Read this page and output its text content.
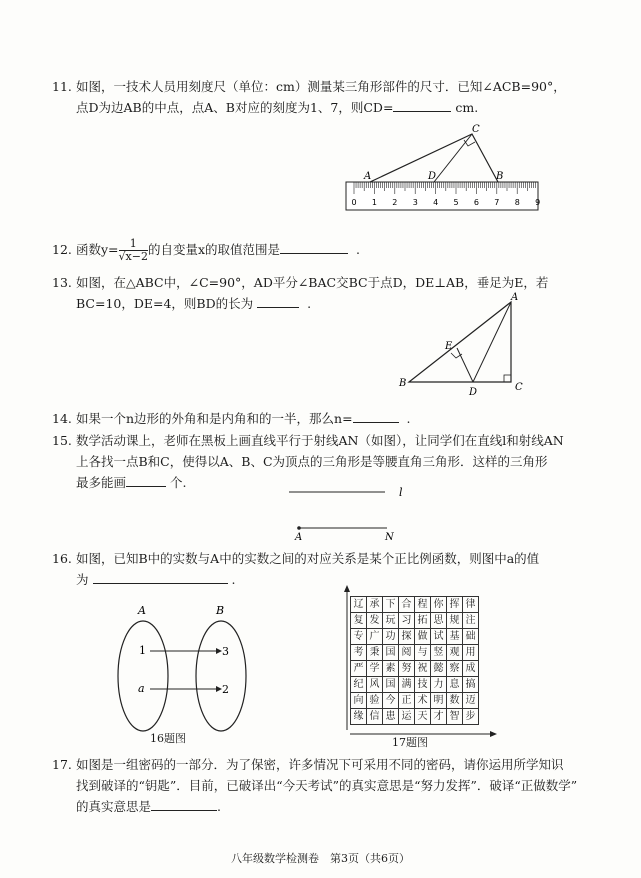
11. 如图，一技术人员用刻度尺（单位：cm）测量某三角形部件的尺寸．已知∠ACB=90°，
点D为边AB的中点，点A、B对应的刻度为1、7，则CD=	cm.
A	D	B
C
0 1 2 3 4 5 6 7 8 9
12. 函数$y= \frac{1}{√x-2}$ 的自变量x的取值范围是	.
13. 如图，在△ABC中，∠C=90°，AD平分∠BAC交BC于点D，DE⊥AB，垂足为E，若
BC=10，DE=4，则BD的长为	.	A
B	C
D
E
14. 如果一个n边形的外角和是内角和的一半，那么n=	.
15. 数学活动课上，老师在黑板上画直线平行于射线AN（如图），让同学们在直线l和射线AN
上各找一点B和C，使得以A、B、C为顶点的三角形是等腰直角三角形．这样的三角形
最多能画	个.
l
A	N
16. 如图，已知B中的实数与A中的实数之间的对应关系是某个正比例函数，则图中a的值
为	.
A	B
1
a
3
2
16题图
辽	承	下	合	程	你	挥	律
复	发	玩	习	拓	思	规	注
专	广	功	探	做	试	基	础
考	秉	国	阅	与	竖	观	用
严	学	素	努	祝	懿	察	成
纪	风	国	满	技	力	息	搞
向	验	今	正	术	明	数	迈
缘	信	患	运	天	才	智	步
17题图
17. 如图是一组密码的一部分．为了保密，许多情况下可采用不同的密码，请你运用所学知识
找到破译的“钥匙”．目前，已破译出“今天考试”的真实意思是“努力发挥”．破译“正做数学”
的真实意思是	.
八年级数学检测卷　第3页（共6页）
